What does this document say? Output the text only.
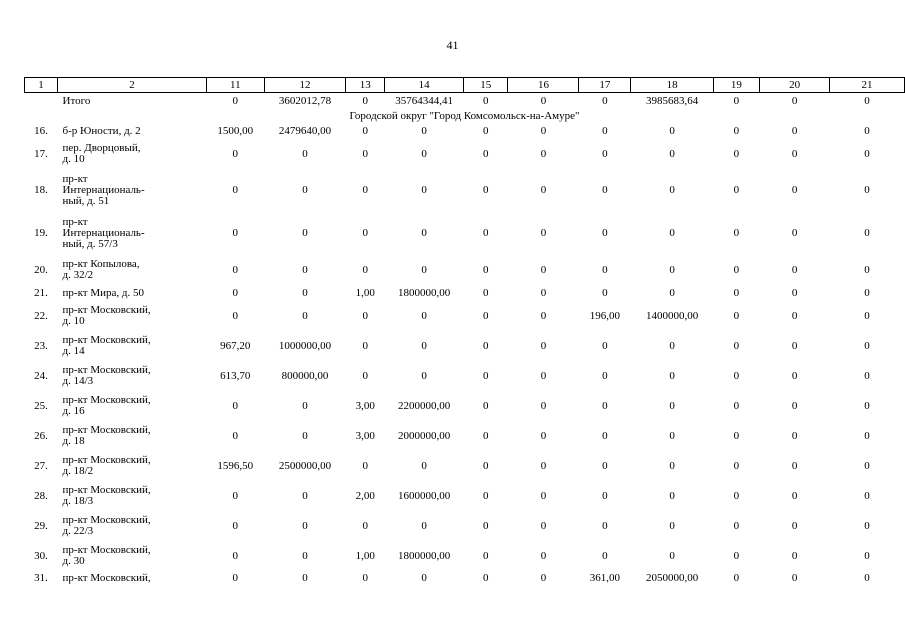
41
1	2	11	12	13	14	15	16	17	18	19	20	21
	Итого	0	3602012,78	0	35764344,41	0	0	0	3985683,64	0	0	0
Городской округ "Город Комсомольск-на-Амуре"												
16.	б-р Юности, д. 2	1500,00	2479640,00	0	0	0	0	0	0	0	0	0
17.	пер. Дворцовый,
д. 10	0	0	0	0	0	0	0	0	0	0	0
18.	пр-кт
Интернациональ-
ный, д. 51	0	0	0	0	0	0	0	0	0	0	0
19.	пр-кт
Интернациональ-
ный, д. 57/3	0	0	0	0	0	0	0	0	0	0	0
20.	пр-кт Копылова,
д. 32/2	0	0	0	0	0	0	0	0	0	0	0
21.	пр-кт Мира, д. 50	0	0	1,00	1800000,00	0	0	0	0	0	0	0
22.	пр-кт Московский,
д. 10	0	0	0	0	0	0	196,00	1400000,00	0	0	0
23.	пр-кт Московский,
д. 14	967,20	1000000,00	0	0	0	0	0	0	0	0	0
24.	пр-кт Московский,
д. 14/3	613,70	800000,00	0	0	0	0	0	0	0	0	0
25.	пр-кт Московский,
д. 16	0	0	3,00	2200000,00	0	0	0	0	0	0	0
26.	пр-кт Московский,
д. 18	0	0	3,00	2000000,00	0	0	0	0	0	0	0
27.	пр-кт Московский,
д. 18/2	1596,50	2500000,00	0	0	0	0	0	0	0	0	0
28.	пр-кт Московский,
д. 18/3	0	0	2,00	1600000,00	0	0	0	0	0	0	0
29.	пр-кт Московский,
д. 22/3	0	0	0	0	0	0	0	0	0	0	0
30.	пр-кт Московский,
д. 30	0	0	1,00	1800000,00	0	0	0	0	0	0	0
31.	пр-кт Московский,	0	0	0	0	0	0	361,00	2050000,00	0	0	0
